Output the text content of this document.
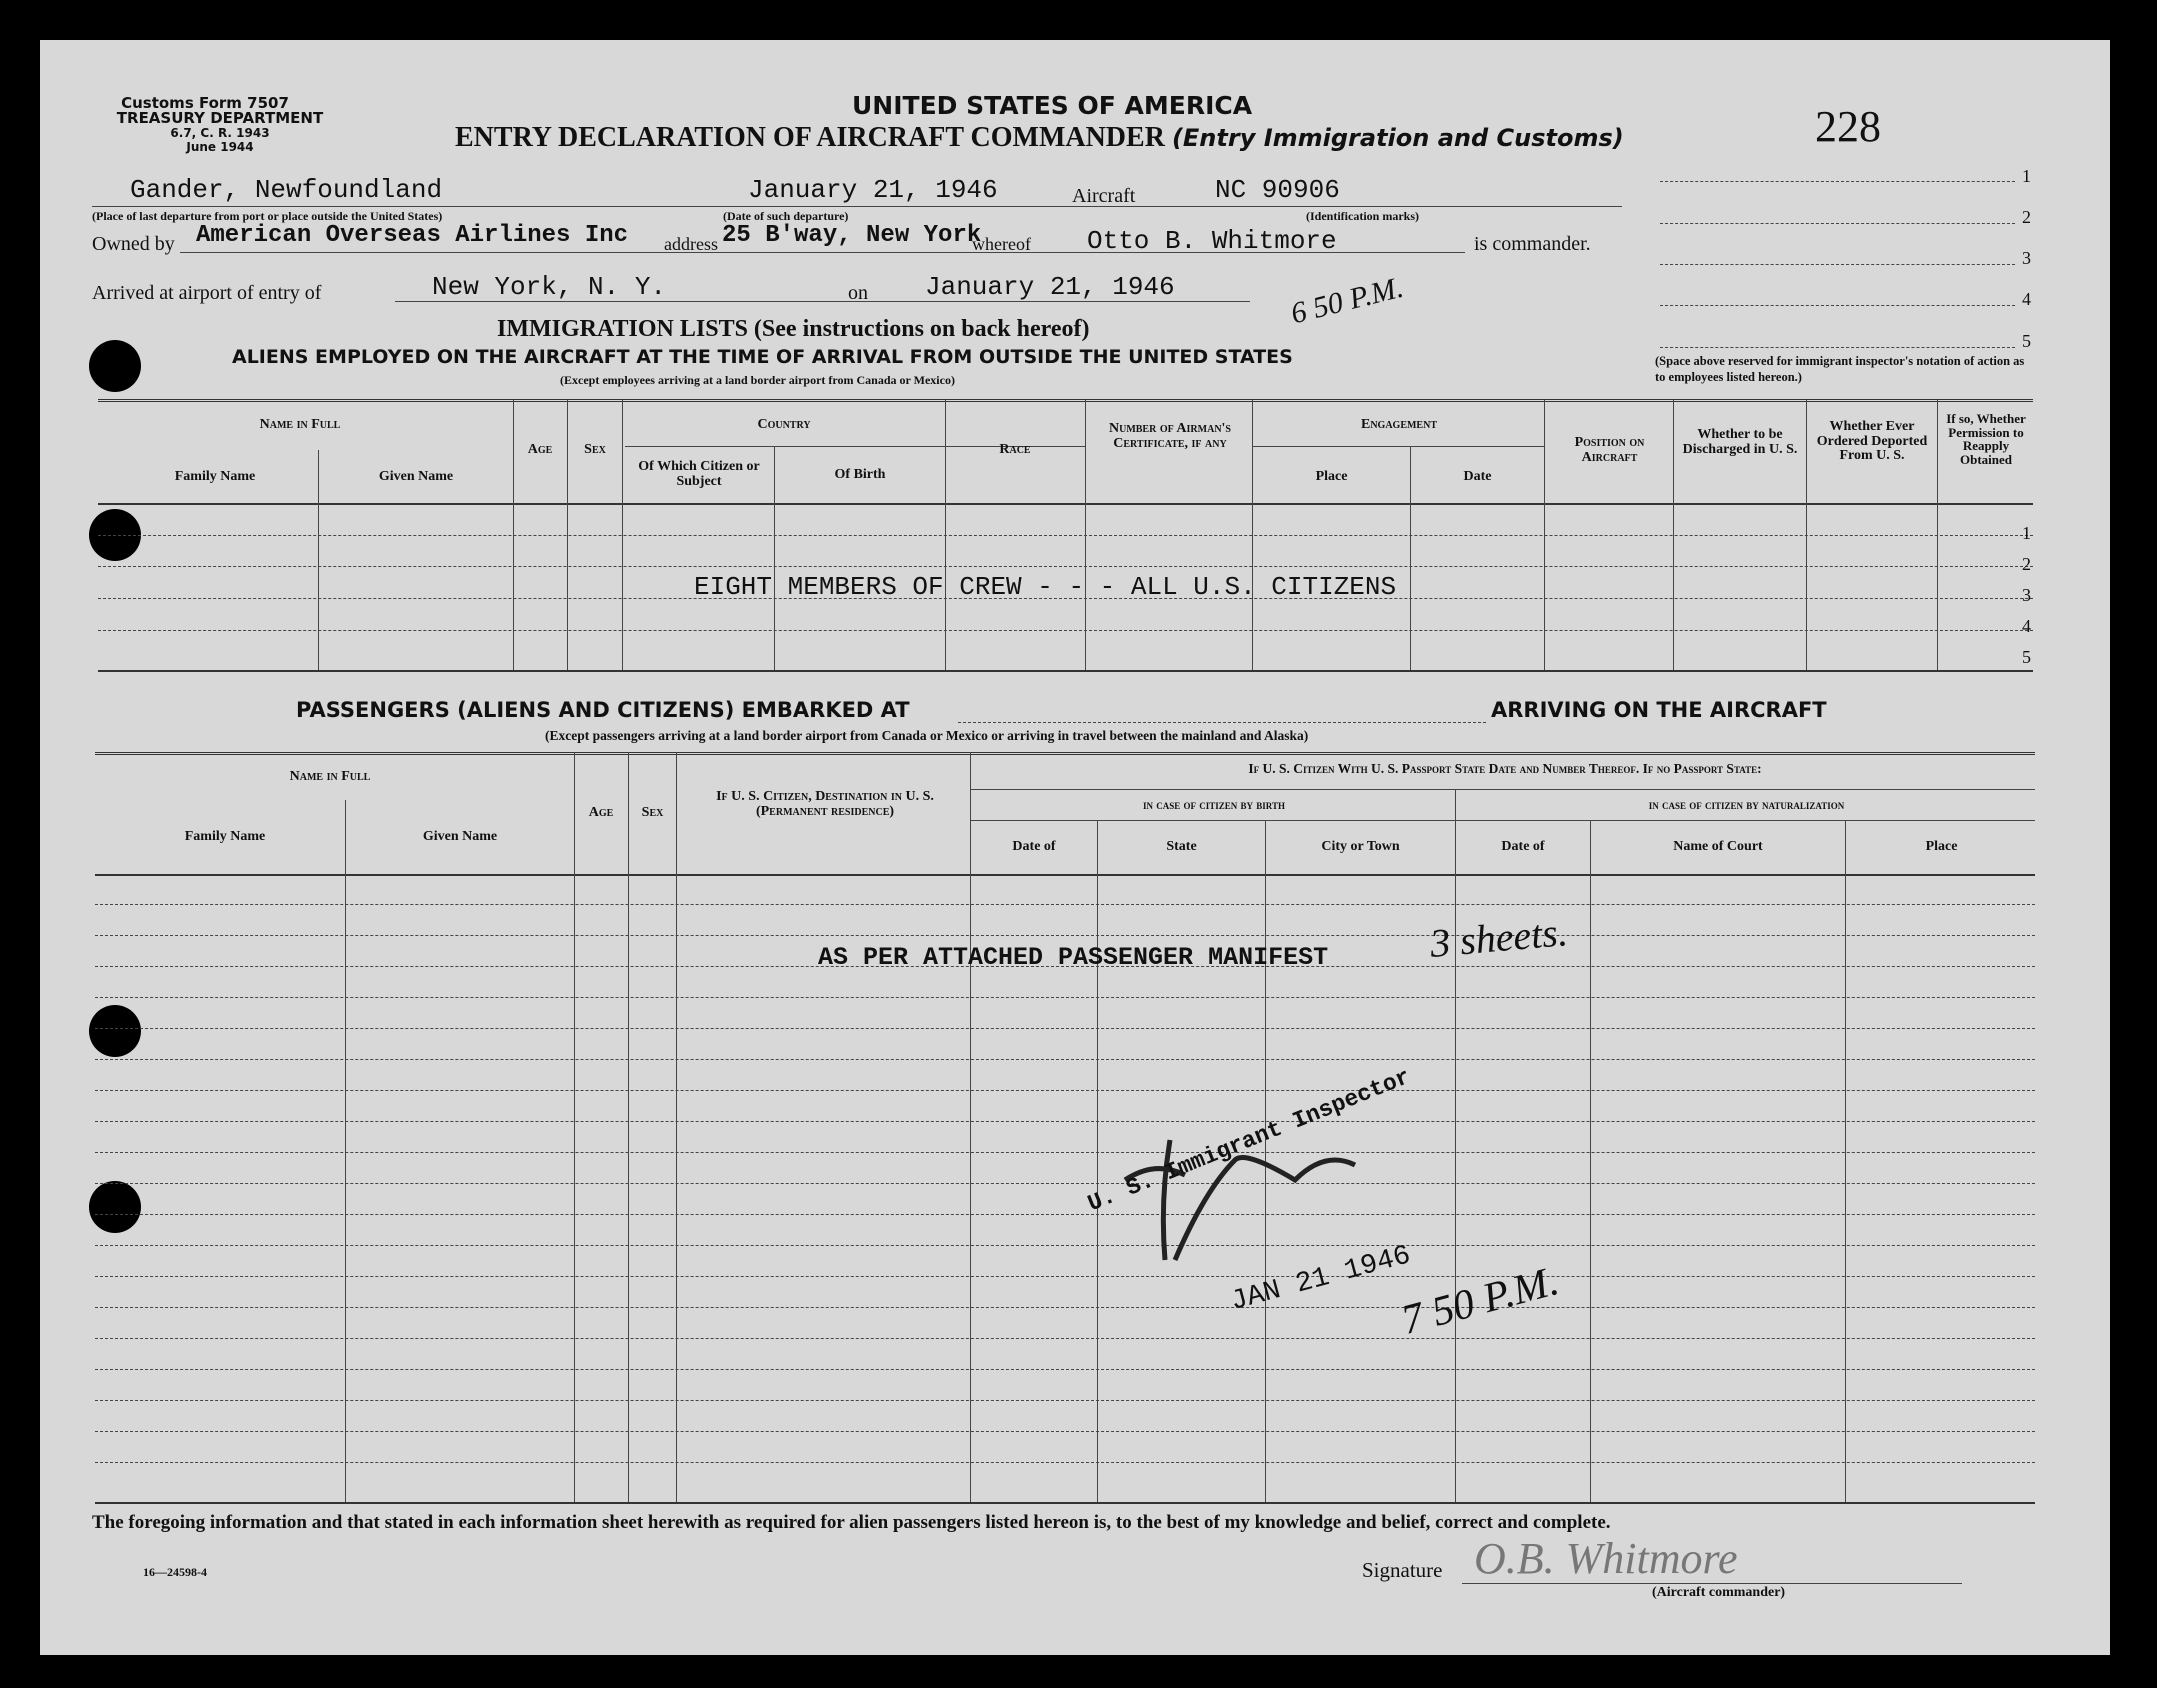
Customs Form 7507
TREASURY DEPARTMENT
6.7, C. R. 1943
June 1944
UNITED STATES OF AMERICA
ENTRY DECLARATION OF AIRCRAFT COMMANDER (Entry Immigration and Customs)	228
Gander, Newfoundland
(Place of last departure from port or place outside the United States)
January 21, 1946
(Date of such departure)
Aircraft	NC 90906
(Identification marks)
Owned by American Overseas Airlines Inc address 25 B'way, New York
whereof Otto B. Whitmore	is commander.
Arrived at airport of entry of	New York, N. Y.	on January 21, 1946	6 50 P.M.
1
2
3
4
5
(Space above reserved for immigrant inspector's notation of action as to employees listed hereon.)
IMMIGRATION LISTS (See instructions on back hereof)
ALIENS EMPLOYED ON THE AIRCRAFT AT THE TIME OF ARRIVAL FROM OUTSIDE THE UNITED STATES
(Except employees arriving at a land border airport from Canada or Mexico)
Name in Full
Family Name	Given Name
Age	Sex
Country
Of Which Citizen or Subject	Of Birth
Race
Number of Airman's Certificate, if any
Engagement
Place	Date
Position on Aircraft
Whether to be Discharged in U. S.
Whether Ever Ordered Deported From U. S.
If so, Whether Permission to Reapply Obtained
1
2
3
4
5
EIGHT MEMBERS OF CREW - - - ALL U.S. CITIZENS
PASSENGERS (ALIENS AND CITIZENS) EMBARKED AT	ARRIVING ON THE AIRCRAFT
(Except passengers arriving at a land border airport from Canada or Mexico or arriving in travel between the mainland and Alaska)
Name in Full
Family Name	Given Name
Age	Sex
If U. S. Citizen, Destination in U. S. (Permanent residence)
If U. S. Citizen With U. S. Passport State Date and Number Thereof. If no Passport State:
in case of citizen by birth	in case of citizen by naturalization
Date of	State	City or Town	Date of	Name of Court	Place
AS PER ATTACHED PASSENGER MANIFEST	3 sheets.
U. S. Immigrant Inspector
JAN 21 1946
7 50 P.M.
The foregoing information and that stated in each information sheet herewith as required for alien passengers listed hereon is, to the best of my knowledge and belief, correct and complete.
16—24598-4	Signature O.B. Whitmore
(Aircraft commander)
